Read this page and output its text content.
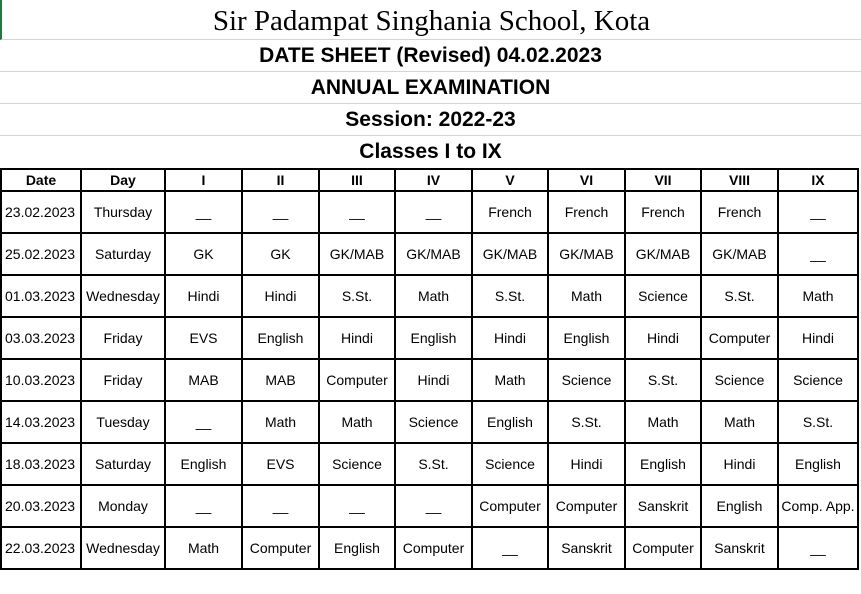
Sir Padampat Singhania School, Kota
DATE SHEET (Revised) 04.02.2023
ANNUAL EXAMINATION
Session: 2022-23
Classes I to IX
Date	Day	I	II	III	IV	V	VI	VII	VIII	IX
23.02.2023	Thursday	__	__	__	__	French	French	French	French	__
25.02.2023	Saturday	GK	GK	GK/MAB	GK/MAB	GK/MAB	GK/MAB	GK/MAB	GK/MAB	__
01.03.2023	Wednesday	Hindi	Hindi	S.St.	Math	S.St.	Math	Science	S.St.	Math
03.03.2023	Friday	EVS	English	Hindi	English	Hindi	English	Hindi	Computer	Hindi
10.03.2023	Friday	MAB	MAB	Computer	Hindi	Math	Science	S.St.	Science	Science
14.03.2023	Tuesday	__	Math	Math	Science	English	S.St.	Math	Math	S.St.
18.03.2023	Saturday	English	EVS	Science	S.St.	Science	Hindi	English	Hindi	English
20.03.2023	Monday	__	__	__	__	Computer	Computer	Sanskrit	English	Comp. App.
22.03.2023	Wednesday	Math	Computer	English	Computer	__	Sanskrit	Computer	Sanskrit	__
